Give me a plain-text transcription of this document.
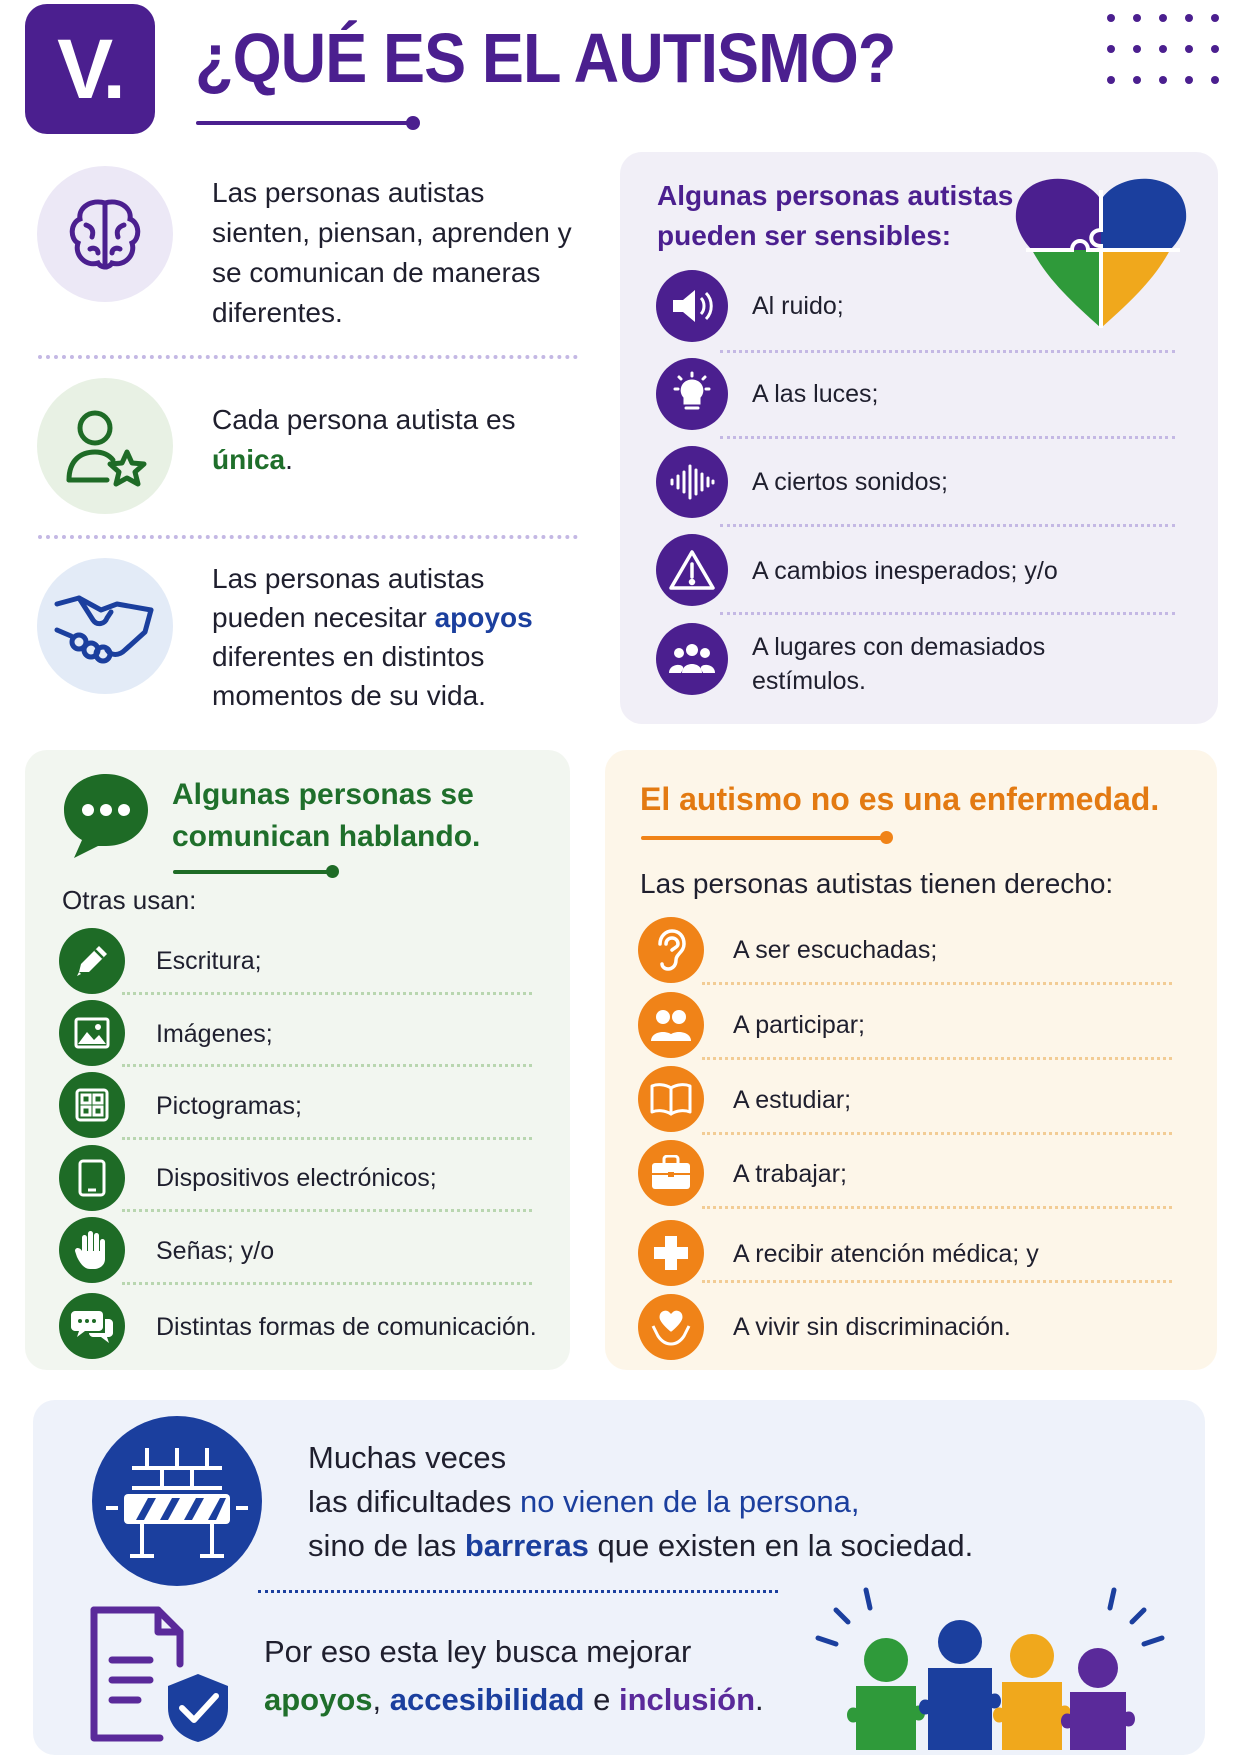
V.	¿QUÉ ES EL AUTISMO?
Las personas autistas sienten, piensan, aprenden y se comunican de maneras diferentes.
Cada persona autista es única.
Las personas autistas pueden necesitar apoyos diferentes en distintos momentos de su vida.
Algunas personas autistas pueden ser sensibles:
Al ruido;
A las luces;
A ciertos sonidos;
A cambios inesperados; y/o
A lugares con demasiados estímulos.
Algunas personas se comunican hablando.
Otras usan:
Escritura;
Imágenes;
Pictogramas;
Dispositivos electrónicos;
Señas; y/o
Distintas formas de comunicación.
El autismo no es una enfermedad.
Las personas autistas tienen derecho:
A ser escuchadas;
A participar;
A estudiar;
A trabajar;
A recibir atención médica; y
A vivir sin discriminación.
Muchas veces
las dificultades no vienen de la persona,
sino de las barreras que existen en la sociedad.
Por eso esta ley busca mejorar
apoyos, accesibilidad e inclusión.
